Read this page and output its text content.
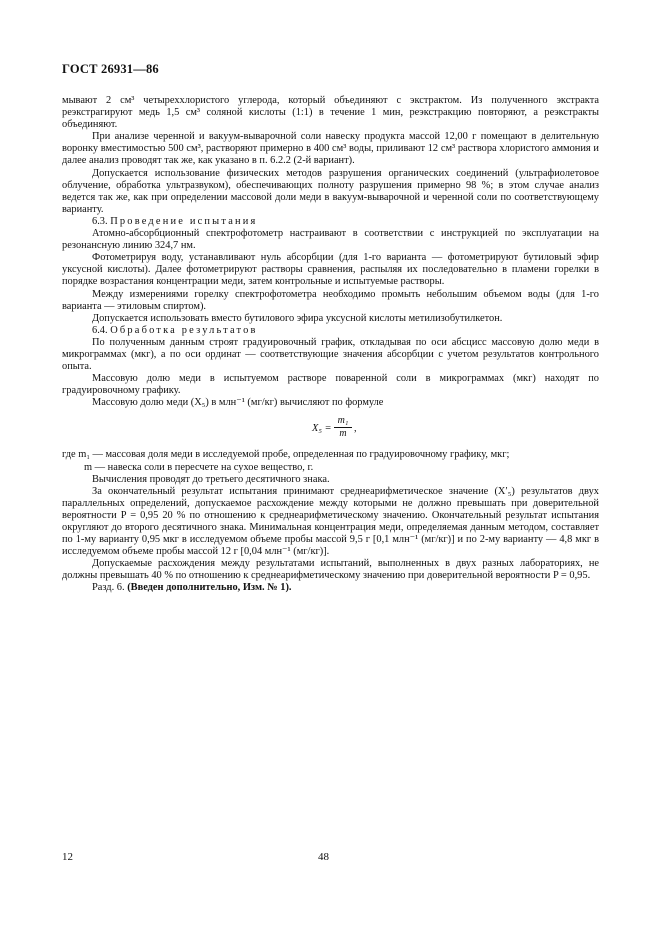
ГОСТ 26931—86

мывают 2 см³ четыреххлористого углерода, который объединяют с экстрактом. Из полученного экстракта реэкстрагируют медь 1,5 см³ соляной кислоты (1:1) в течение 1 мин, реэкстракцию повторяют, а реэкстракты объединяют.

При анализе черенной и вакуум-выварочной соли навеску продукта массой 12,00 г помещают в делительную воронку вместимостью 500 см³, растворяют примерно в 400 см³ воды, приливают 12 см³ раствора хлористого аммония и далее анализ проводят так же, как указано в п. 6.2.2 (2-й вариант).

Допускается использование физических методов разрушения органических соединений (ультрафиолетовое облучение, обработка ультразвуком), обеспечивающих полноту разрушения примерно 98 %; в этом случае анализ ведется так же, как при определении массовой доли меди в вакуум-выварочной и черенной соли по соответствующему варианту.

6.3. Проведение испытания

Атомно-абсорбционный спектрофотометр настраивают в соответствии с инструкцией по эксплуатации на резонансную линию 324,7 нм.

Фотометрируя воду, устанавливают нуль абсорбции (для 1-го варианта — фотометрируют бутиловый эфир уксусной кислоты). Далее фотометрируют растворы сравнения, распыляя их последовательно в пламени горелки в порядке возрастания концентрации меди, затем контрольные и испытуемые растворы.

Между измерениями горелку спектрофотометра необходимо промыть небольшим объемом воды (для 1-го варианта — этиловым спиртом).

Допускается использовать вместо бутилового эфира уксусной кислоты метилизобутилкетон.

6.4. Обработка результатов

По полученным данным строят градуировочный график, откладывая по оси абсцисс массовую долю меди в микрограммах (мкг), а по оси ординат — соответствующие значения абсорбции с учетом результатов контрольного опыта.

Массовую долю меди в испытуемом растворе поваренной соли в микрограммах (мкг) находят по градуировочному графику.

Массовую долю меди (X₅) в млн⁻¹ (мг/кг) вычисляют по формуле

$X_5 = \frac{\text{m₁}}{m}$ ,
где m₁ — массовая доля меди в исследуемой пробе, определенная по градуировочному графику, мкг;
m — навеска соли в пересчете на сухое вещество, г.

Вычисления проводят до третьего десятичного знака.

За окончательный результат испытания принимают среднеарифметическое значение (X′₅) результатов двух параллельных определений, допускаемое расхождение между которыми не должно превышать при доверительной вероятности P = 0,95 20 % по отношению к среднеарифметическому значению. Окончательный результат испытания округляют до второго десятичного знака. Минимальная концентрация меди, определяемая данным методом, составляет по 1-му варианту 0,95 мкг в исследуемом объеме пробы массой 9,5 г [0,1 млн⁻¹ (мг/кг)] и по 2-му варианту — 4,8 мкг в исследуемом объеме пробы массой 12 г [0,04 млн⁻¹ (мг/кг)].

Допускаемые расхождения между результатами испытаний, выполненных в двух разных лабораториях, не должны превышать 40 % по отношению к среднеарифметическому значению при доверительной вероятности P = 0,95.

Разд. 6. (Введен дополнительно, Изм. № 1).

12	48
